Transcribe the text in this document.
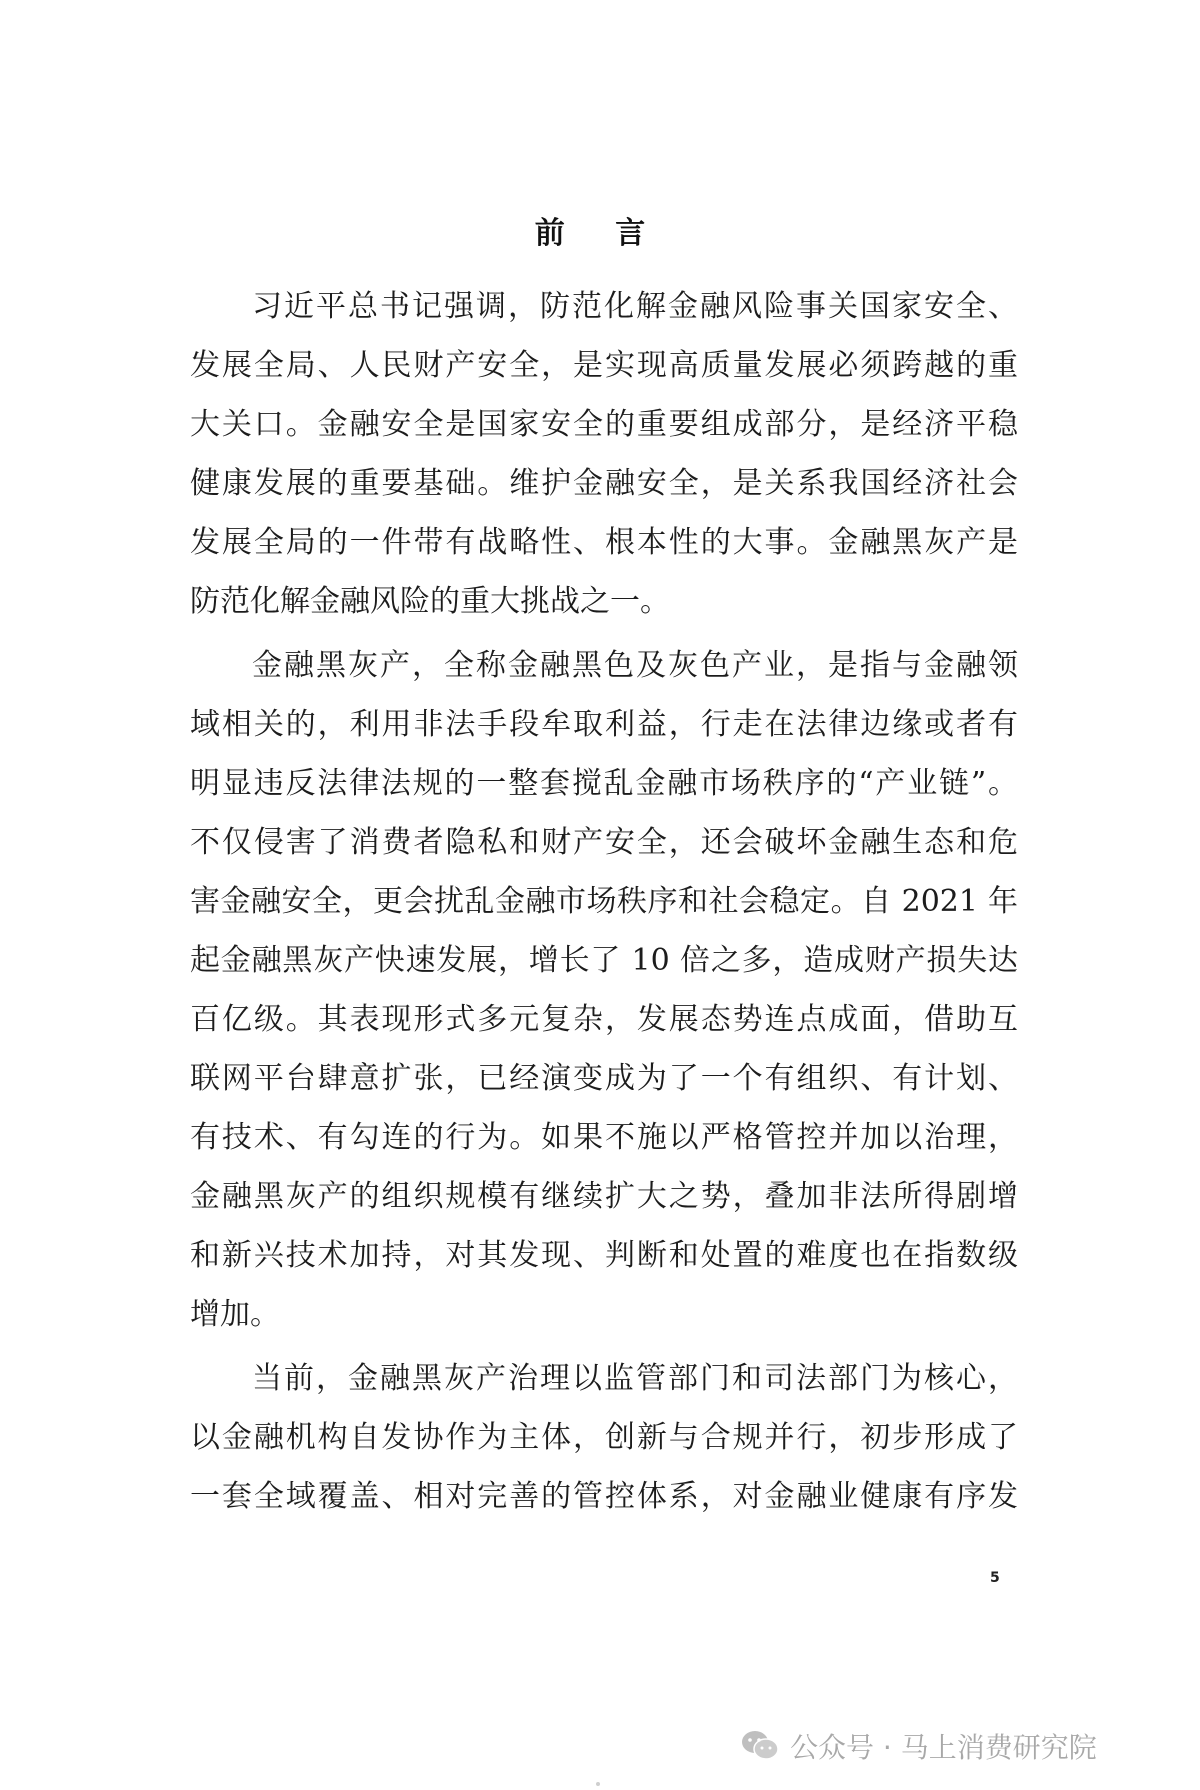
前 言

习近平总书记强调，防范化解金融风险事关国家安全、

发展全局、人民财产安全，是实现高质量发展必须跨越的重

大关口。金融安全是国家安全的重要组成部分，是经济平稳

健康发展的重要基础。维护金融安全，是关系我国经济社会

发展全局的一件带有战略性、根本性的大事。金融黑灰产是

防范化解金融风险的重大挑战之一。

金融黑灰产，全称金融黑色及灰色产业，是指与金融领

域相关的，利用非法手段牟取利益，行走在法律边缘或者有

明显违反法律法规的一整套搅乱金融市场秩序的“产业链”。

不仅侵害了消费者隐私和财产安全，还会破坏金融生态和危

害金融安全，更会扰乱金融市场秩序和社会稳定。自 2021 年

起金融黑灰产快速发展，增长了 10 倍之多，造成财产损失达

百亿级。其表现形式多元复杂，发展态势连点成面，借助互

联网平台肆意扩张，已经演变成为了一个有组织、有计划、

有技术、有勾连的行为。如果不施以严格管控并加以治理，

金融黑灰产的组织规模有继续扩大之势，叠加非法所得剧增

和新兴技术加持，对其发现、判断和处置的难度也在指数级

增加。

当前，金融黑灰产治理以监管部门和司法部门为核心，

以金融机构自发协作为主体，创新与合规并行，初步形成了

一套全域覆盖、相对完善的管控体系，对金融业健康有序发

5

公众号 · 马上消费研究院
